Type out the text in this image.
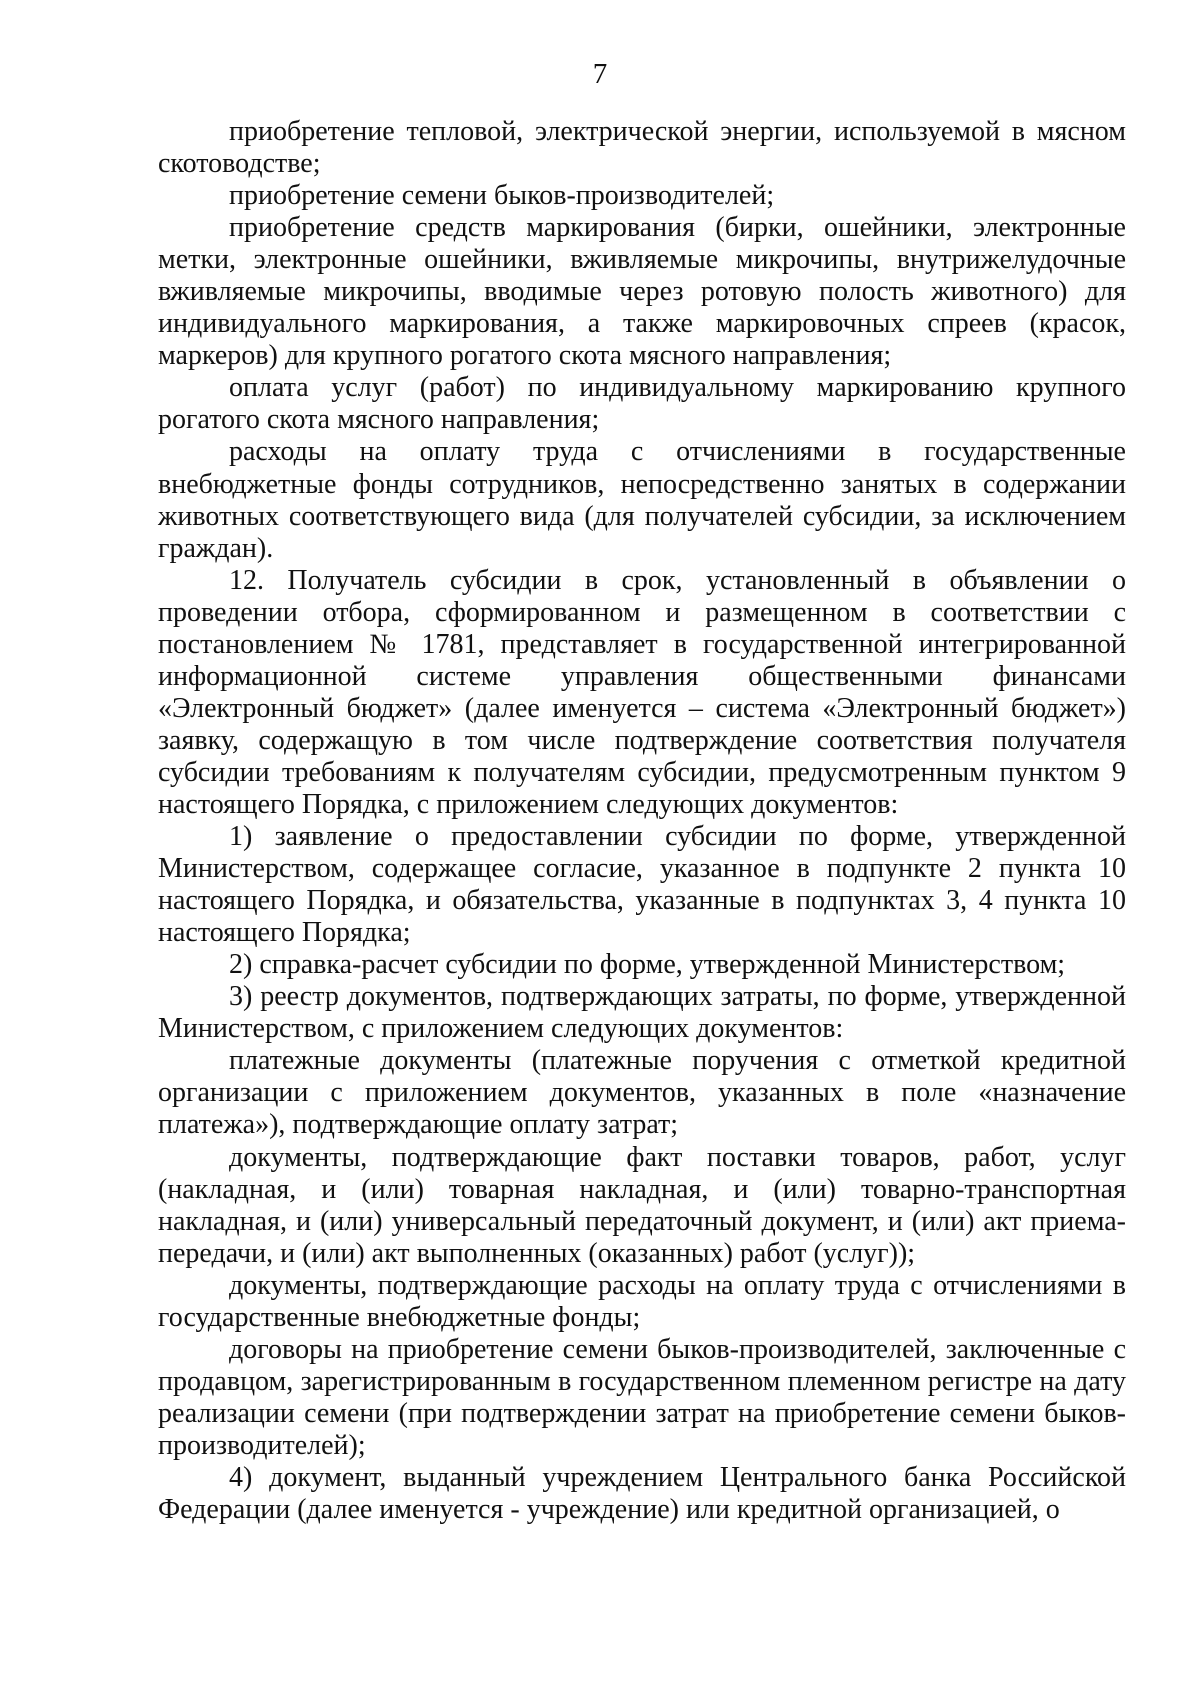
7

приобретение тепловой, электрической энергии, используемой в мясном скотоводстве;

приобретение семени быков-производителей;

приобретение средств маркирования (бирки, ошейники, электронные метки, электронные ошейники, вживляемые микрочипы, внутрижелудочные вживляемые микрочипы, вводимые через ротовую полость животного) для индивидуального маркирования, а также маркировочных спреев (красок, маркеров) для крупного рогатого скота мясного направления;

оплата услуг (работ) по индивидуальному маркированию крупного рогатого скота мясного направления;

расходы на оплату труда с отчислениями в государственные внебюджетные фонды сотрудников, непосредственно занятых в содержании животных соответствующего вида (для получателей субсидии, за исключением граждан).

12. Получатель субсидии в срок, установленный в объявлении о проведении отбора, сформированном и размещенном в соответствии с постановлением № 1781, представляет в государственной интегрированной информационной системе управления общественными финансами «Электронный бюджет» (далее именуется – система «Электронный бюджет») заявку, содержащую в том числе подтверждение соответствия получателя субсидии требованиям к получателям субсидии, предусмотренным пунктом 9 настоящего Порядка, с приложением следующих документов:

1) заявление о предоставлении субсидии по форме, утвержденной Министерством, содержащее согласие, указанное в подпункте 2 пункта 10 настоящего Порядка, и обязательства, указанные в подпунктах 3, 4 пункта 10 настоящего Порядка;

2) справка-расчет субсидии по форме, утвержденной Министерством;

3) реестр документов, подтверждающих затраты, по форме, утвержденной Министерством, с приложением следующих документов:

платежные документы (платежные поручения с отметкой кредитной организации с приложением документов, указанных в поле «назначение платежа»), подтверждающие оплату затрат;

документы, подтверждающие факт поставки товаров, работ, услуг (накладная, и (или) товарная накладная, и (или) товарно-транспортная накладная, и (или) универсальный передаточный документ, и (или) акт приема-передачи, и (или) акт выполненных (оказанных) работ (услуг));

документы, подтверждающие расходы на оплату труда с отчислениями в государственные внебюджетные фонды;

договоры на приобретение семени быков-производителей, заключенные с продавцом, зарегистрированным в государственном племенном регистре на дату реализации семени (при подтверждении затрат на приобретение семени быков-производителей);

4) документ, выданный учреждением Центрального банка Российской Федерации (далее именуется - учреждение) или кредитной организацией, о
